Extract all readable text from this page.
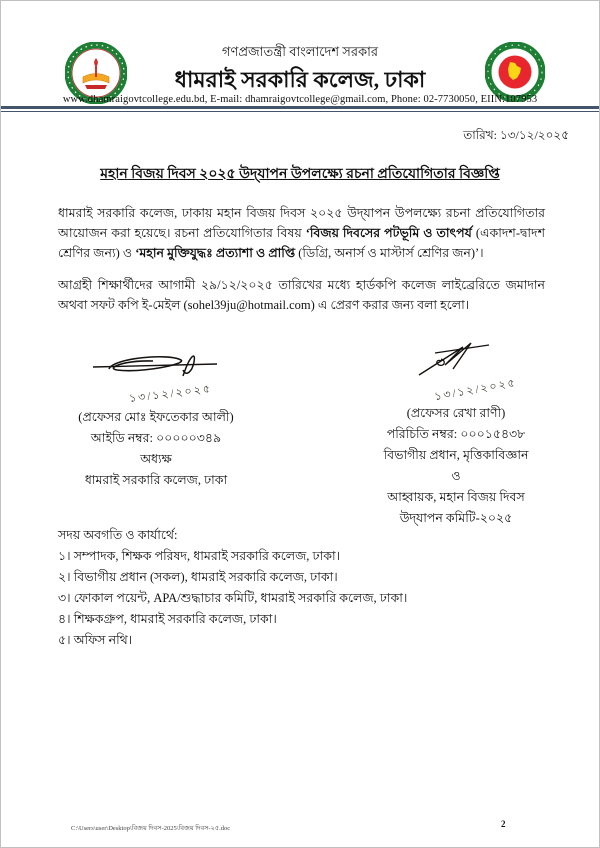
গণপ্রজাতন্ত্রী বাংলাদেশ সরকার
ধামরাই সরকারি কলেজ, ঢাকা
www.dhamraigovtcollege.edu.bd, E-mail: dhamraigovtcollege@gmail.com, Phone: 02-7730050, EIIN:107953
তারিখ: ১৩/১২/২০২৫
মহান বিজয় দিবস ২০২৫ উদ্‌যাপন উপলক্ষ্যে রচনা প্রতিযোগিতার বিজ্ঞপ্তি
ধামরাই সরকারি কলেজ, ঢাকায় মহান বিজয় দিবস ২০২৫ উদ্‌যাপন উপলক্ষ্যে রচনা প্রতিযোগিতার আয়োজন করা হয়েছে। রচনা প্রতিযোগিতার বিষয় ‘বিজয় দিবসের পটভূমি ও তাৎপর্য (একাদশ-দ্বাদশ শ্রেণির জন্য) ও ‘মহান মুক্তিযুদ্ধঃ প্রত্যাশা ও প্রাপ্তি (ডিগ্রি, অনার্স ও মাস্টার্স শ্রেণির জন)’।
আগ্রহী শিক্ষার্থীদের আগামী ২৯/১২/২০২৫ তারিখের মধ্যে হার্ডকপি কলেজ লাইব্রেরিতে জমাদান অথবা সফট কপি ই-মেইল (sohel39ju@hotmail.com) এ প্রেরণ করার জন্য বলা হলো।
১৩/১২/২০২৫
(প্রফেসর মোঃ ইফতেকার আলী)
আইডি নম্বর: ০০০০০৩৪৯
অধ্যক্ষ
ধামরাই সরকারি কলেজ, ঢাকা
১৩/১২/২০২৫
(প্রফেসর রেখা রাণী)
পরিচিতি নম্বর: ০০০১৫৪৩৮
বিভাগীয় প্রধান, মৃত্তিকাবিজ্ঞান
ও
আহ্বায়ক, মহান বিজয় দিবস
উদ্‌যাপন কমিটি-২০২৫
সদয় অবগতি ও কার্যার্থে:
১। সম্পাদক, শিক্ষক পরিষদ, ধামরাই সরকারি কলেজ, ঢাকা।
২। বিভাগীয় প্রধান (সকল), ধামরাই সরকারি কলেজ, ঢাকা।
৩। ফোকাল পয়েন্ট, APA/শুদ্ধাচার কমিটি, ধামরাই সরকারি কলেজ, ঢাকা।
৪। শিক্ষকগ্রুপ, ধামরাই সরকারি কলেজ, ঢাকা।
৫। অফিস নথি।
C:\Users\user\Desktop\বিজয় দিবস-2025\বিজয় দিবস-২৫.doc	2
